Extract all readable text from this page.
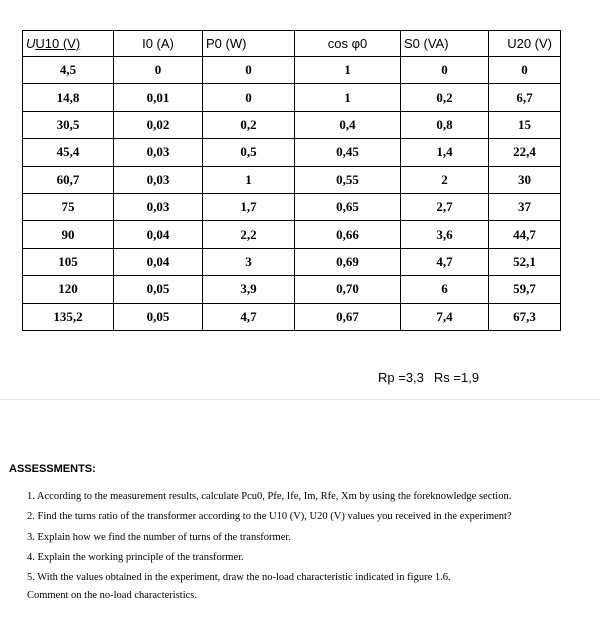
UU10 (V)	I0 (A)	P0 (W)	cos φ0	S0 (VA)	U20 (V)
4,5	0	0	1	0	0
14,8	0,01	0	1	0,2	6,7
30,5	0,02	0,2	0,4	0,8	15
45,4	0,03	0,5	0,45	1,4	22,4
60,7	0,03	1	0,55	2	30
75	0,03	1,7	0,65	2,7	37
90	0,04	2,2	0,66	3,6	44,7
105	0,04	3	0,69	4,7	52,1
120	0,05	3,9	0,70	6	59,7
135,2	0,05	4,7	0,67	7,4	67,3
Rp =3,3 Rs =1,9
ASSESSMENTS:
1. According to the measurement results, calculate Pcu0, Pfe, Ife, Im, Rfe, Xm by using the foreknowledge section.
2. Find the turns ratio of the transformer according to the U10 (V), U20 (V) values you received in the experiment?
3. Explain how we find the number of turns of the transformer.
4. Explain the working principle of the transformer.
5. With the values obtained in the experiment, draw the no-load characteristic indicated in figure 1.6.
Comment on the no-load characteristics.
